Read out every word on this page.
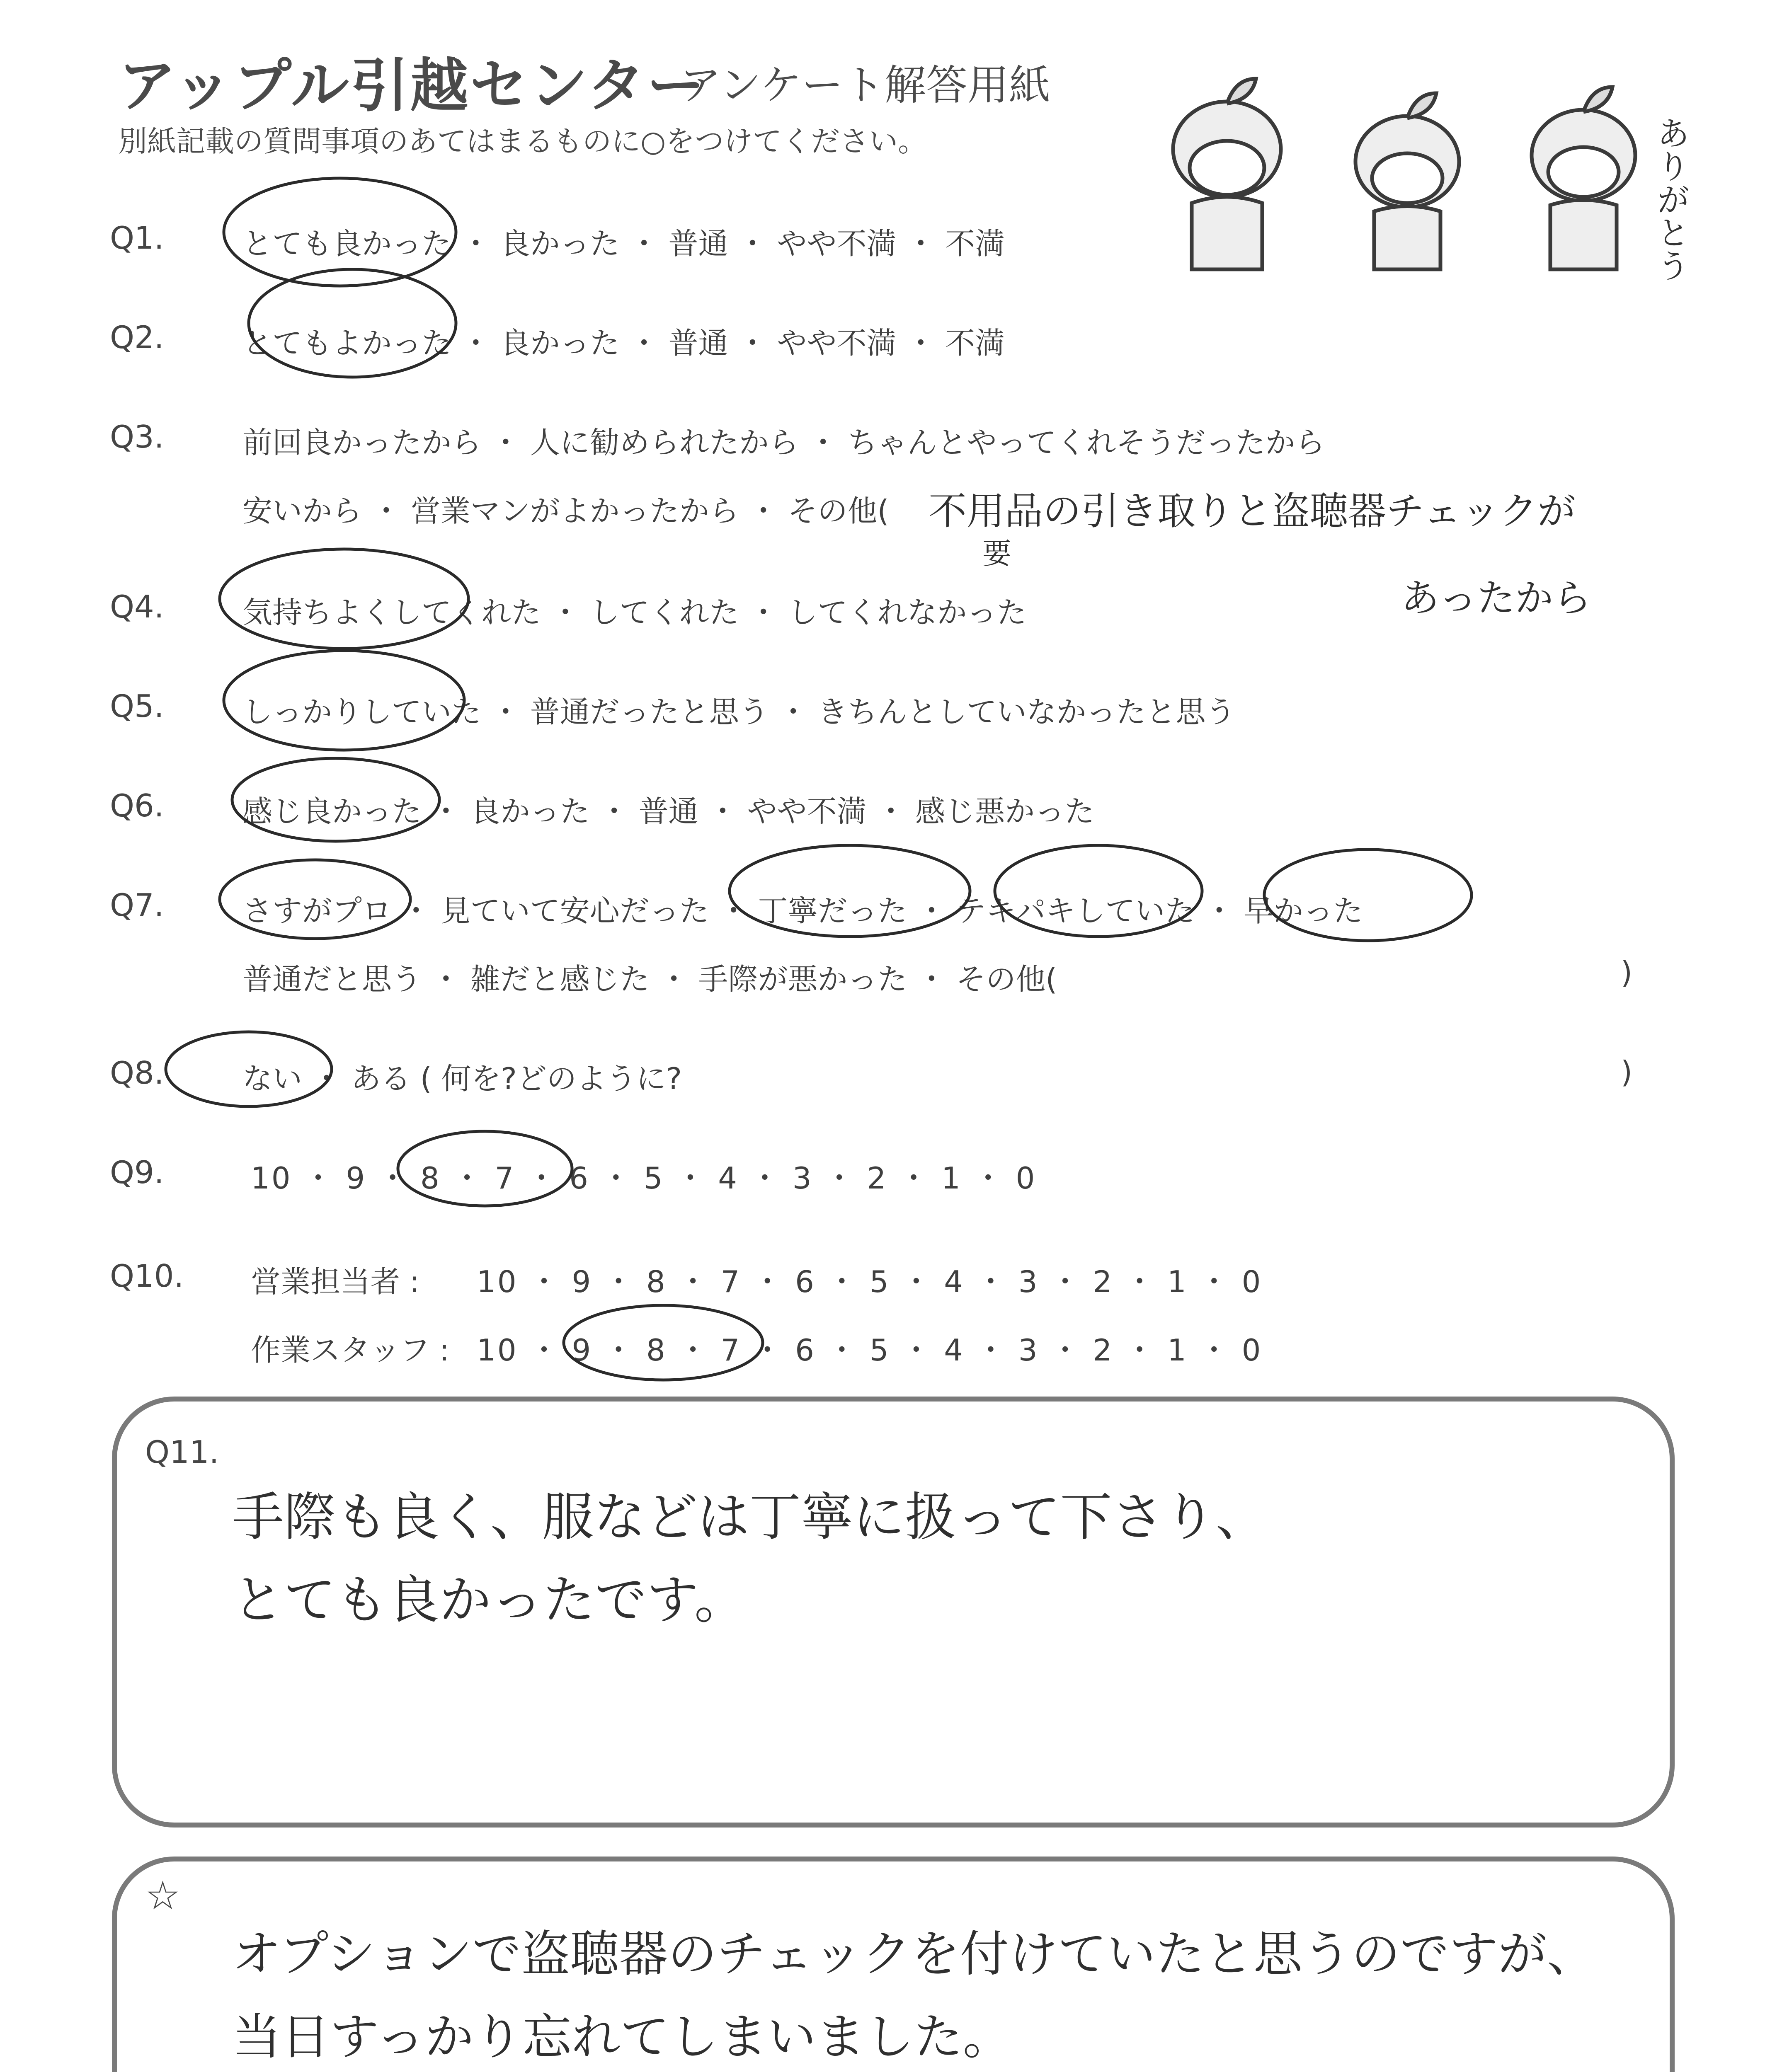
アップル引越センター
アンケート解答用紙
別紙記載の質問事項のあてはまるものに○をつけてください。	ありがとう
Q1.	とても良かった ・ 良かった ・ 普通 ・ やや不満 ・ 不満
Q2.	とてもよかった ・ 良かった ・ 普通 ・ やや不満 ・ 不満
Q3.	前回良かったから ・ 人に勧められたから ・ ちゃんとやってくれそうだったから
安いから ・ 営業マンがよかったから ・ その他( 不用品の引き取りと盗聴器チェックが
要
あったから
Q4.	気持ちよくしてくれた ・ してくれた ・ してくれなかった
Q5.	しっかりしていた ・ 普通だったと思う ・ きちんとしていなかったと思う
Q6.	感じ良かった ・ 良かった ・ 普通 ・ やや不満 ・ 感じ悪かった
Q7.	さすがプロ ・ 見ていて安心だった ・ 丁寧だった ・ テキパキしていた ・ 早かった
普通だと思う ・ 雑だと感じた ・ 手際が悪かった ・ その他(	)
Q8.	ない ・ ある ( 何を?どのように?	)
Q9.	10 ・ 9 ・ 8 ・ 7 ・ 6 ・ 5 ・ 4 ・ 3 ・ 2 ・ 1 ・ 0
Q10. 営業担当者 : 10 ・ 9 ・ 8 ・ 7 ・ 6 ・ 5 ・ 4 ・ 3 ・ 2 ・ 1 ・ 0
作業スタッフ : 10 ・ 9 ・ 8 ・ 7 ・ 6 ・ 5 ・ 4 ・ 3 ・ 2 ・ 1 ・ 0
Q11.
手際も良く、服などは丁寧に扱って下さり、
とても良かったです。
☆
オプションで盗聴器のチェックを付けていたと思うのですが、
当日すっかり忘れてしまいました。
